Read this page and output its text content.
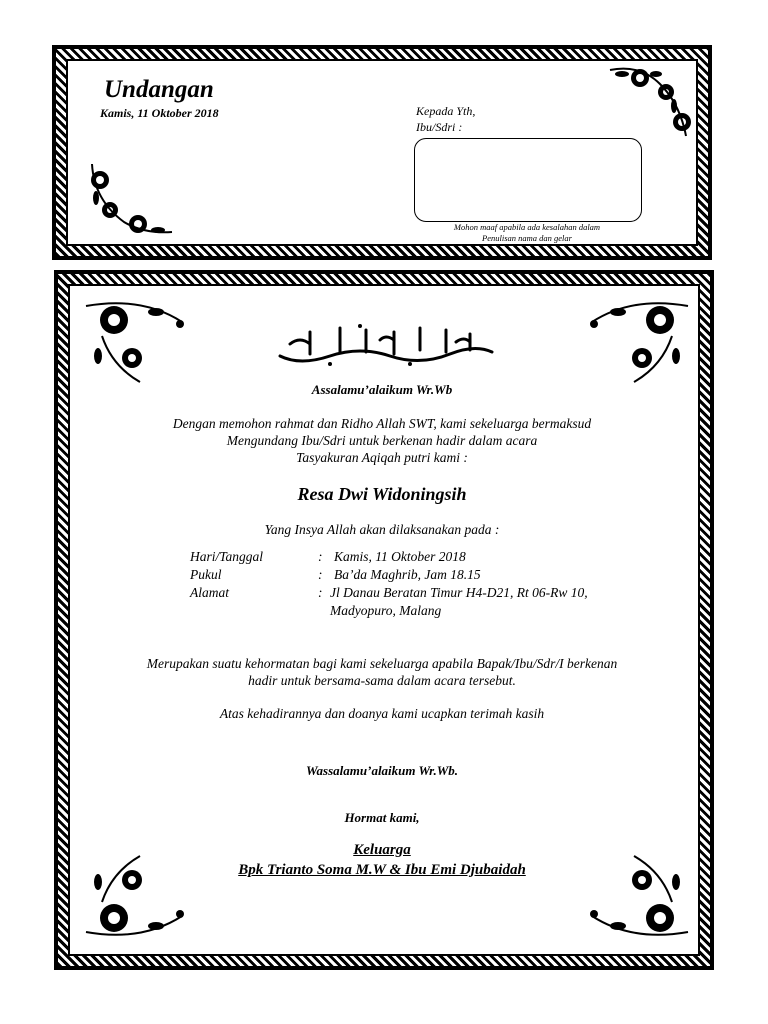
Undangan
Kamis, 11 Oktober 2018	Kepada Yth,
Ibu/Sdri :
Mohon maaf apabila ada kesalahan dalam
Penulisan nama dan gelar
Assalamu’alaikum Wr.Wb
Dengan memohon rahmat dan Ridho Allah SWT, kami sekeluarga bermaksud
Mengundang Ibu/Sdri untuk berkenan hadir dalam acara
Tasyakuran Aqiqah putri kami :
Resa Dwi Widoningsih
Yang Insya Allah akan dilaksanakan pada :
Hari/Tanggal	: Kamis, 11 Oktober 2018
Pukul	: Ba’da Maghrib, Jam 18.15
Alamat	: Jl Danau Beratan Timur H4-D21, Rt 06-Rw 10,
Madyopuro, Malang
Merupakan suatu kehormatan bagi kami sekeluarga apabila Bapak/Ibu/Sdr/I berkenan
hadir untuk bersama-sama dalam acara tersebut.
Atas kehadirannya dan doanya kami ucapkan terimah kasih
Wassalamu’alaikum Wr.Wb.
Hormat kami,
Keluarga
Bpk Trianto Soma M.W & Ibu Emi Djubaidah
